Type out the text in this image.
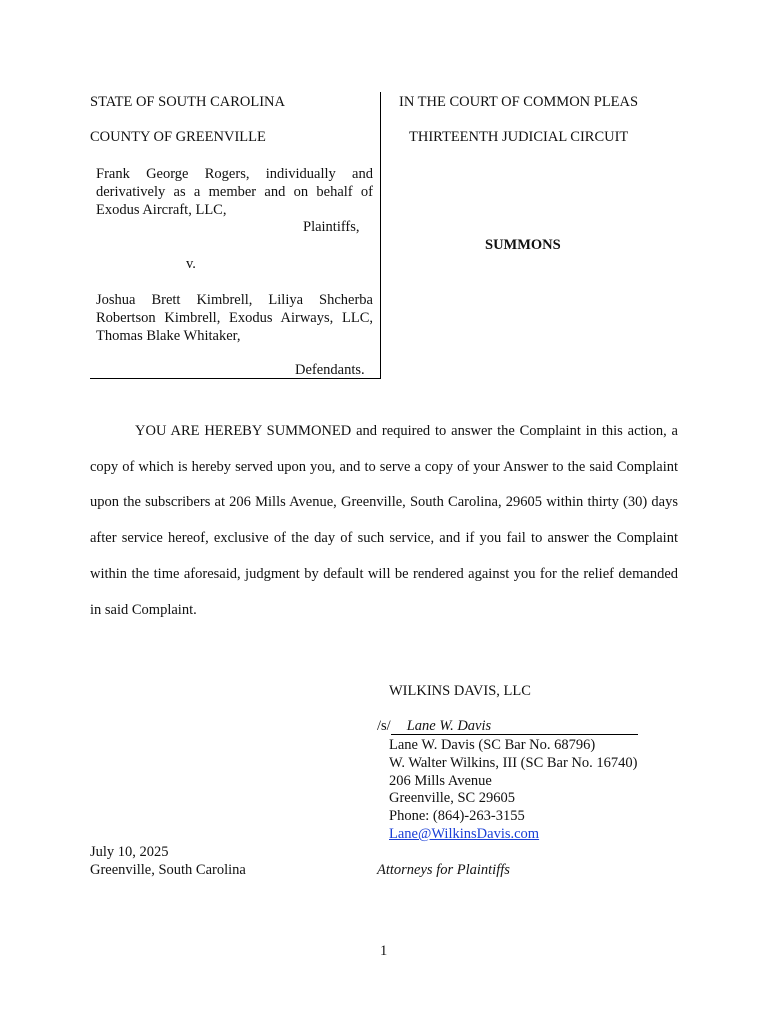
STATE OF SOUTH CAROLINA
COUNTY OF GREENVILLE
Frank George Rogers, individually and
derivatively as a member and on behalf of
Exodus Aircraft, LLC,
Plaintiffs,
v.
Joshua Brett Kimbrell, Liliya Shcherba
Robertson Kimbrell, Exodus Airways, LLC,
Thomas Blake Whitaker,
Defendants.
IN THE COURT OF COMMON PLEAS
THIRTEENTH JUDICIAL CIRCUIT
SUMMONS
YOU ARE HEREBY SUMMONED and required to answer the Complaint in this action, a copy of which is hereby served upon you, and to serve a copy of your Answer to the said Complaint upon the subscribers at 206 Mills Avenue, Greenville, South Carolina, 29605 within thirty (30) days after service hereof, exclusive of the day of such service, and if you fail to answer the Complaint within the time aforesaid, judgment by default will be rendered against you for the relief demanded in said Complaint.
WILKINS DAVIS, LLC
/s/ Lane W. Davis
Lane W. Davis (SC Bar No. 68796)
W. Walter Wilkins, III (SC Bar No. 16740)
206 Mills Avenue
Greenville, SC 29605
Phone: (864)-263-3155
Lane@WilkinsDavis.com
Attorneys for Plaintiffs
July 10, 2025
Greenville, South Carolina
1
